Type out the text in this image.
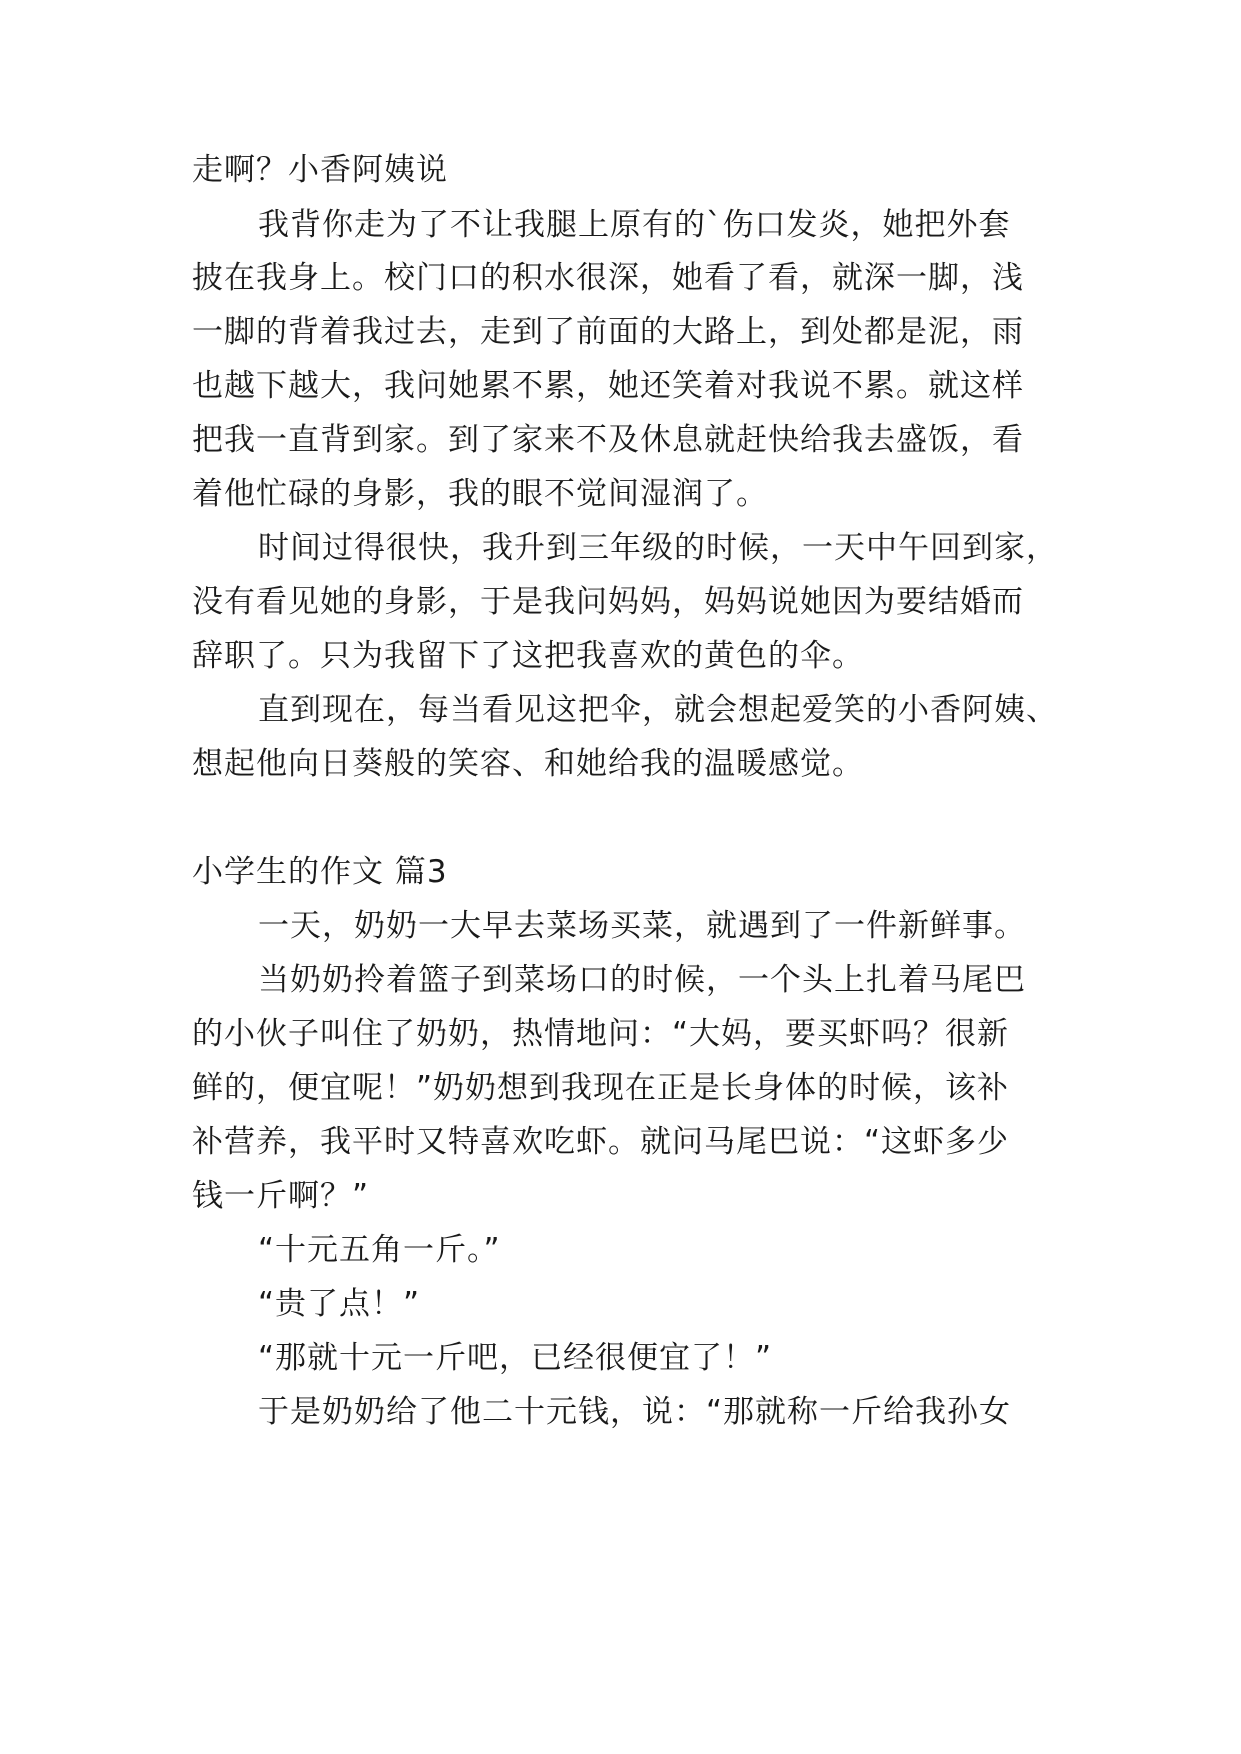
走啊？小香阿姨说

我背你走为了不让我腿上原有的`伤口发炎，她把外套

披在我身上。校门口的积水很深，她看了看，就深一脚，浅

一脚的背着我过去，走到了前面的大路上，到处都是泥，雨

也越下越大，我问她累不累，她还笑着对我说不累。就这样

把我一直背到家。到了家来不及休息就赶快给我去盛饭，看

着他忙碌的身影，我的眼不觉间湿润了。

时间过得很快，我升到三年级的时候，一天中午回到家，

没有看见她的身影，于是我问妈妈，妈妈说她因为要结婚而

辞职了。只为我留下了这把我喜欢的黄色的伞。

直到现在，每当看见这把伞，就会想起爱笑的小香阿姨、

想起他向日葵般的笑容、和她给我的温暖感觉。

小学生的作文 篇3

一天，奶奶一大早去菜场买菜，就遇到了一件新鲜事。

当奶奶拎着篮子到菜场口的时候，一个头上扎着马尾巴

的小伙子叫住了奶奶，热情地问：“大妈，要买虾吗？很新

鲜的，便宜呢！”奶奶想到我现在正是长身体的时候，该补

补营养，我平时又特喜欢吃虾。就问马尾巴说：“这虾多少

钱一斤啊？”

“十元五角一斤。”

“贵了点！”

“那就十元一斤吧，已经很便宜了！”

于是奶奶给了他二十元钱，说：“那就称一斤给我孙女
